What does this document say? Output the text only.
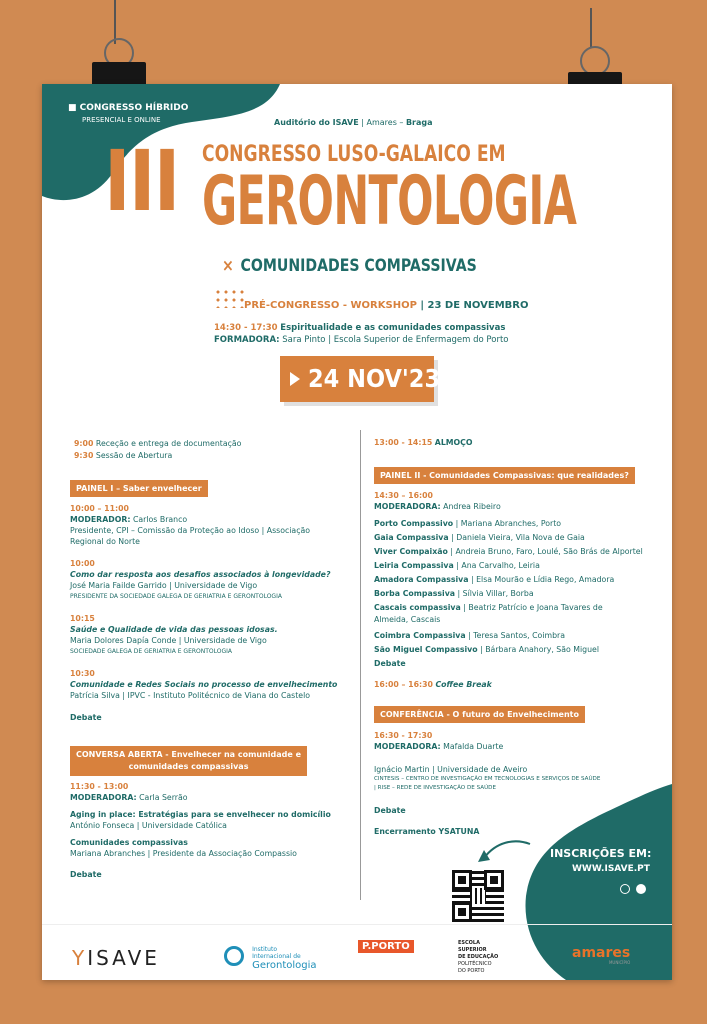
■ CONGRESSO HÍBRIDO
PRESENCIAL E ONLINE	Auditório do ISAVE | Amares – Braga
III CONGRESSO LUSO-GALAICO EM
GERONTOLOGIA
× COMUNIDADES COMPASSIVAS
PRÉ-CONGRESSO - WORKSHOP | 23 DE NOVEMBRO
14:30 - 17:30 Espiritualidade e as comunidades compassivas
FORMADORA: Sara Pinto | Escola Superior de Enfermagem do Porto
24 NOV'23
9:00 Receção e entrega de documentação
9:30 Sessão de Abertura
PAINEL I – Saber envelhecer
10:00 – 11:00
MODERADOR: Carlos Branco
Presidente, CPI – Comissão da Proteção ao Idoso | Associação
Regional do Norte
10:00
Como dar resposta aos desafios associados à longevidade?
José Maria Failde Garrido | Universidade de Vigo
PRESIDENTE DA SOCIEDADE GALEGA DE GERIATRIA E GERONTOLOGIA
10:15
Saúde e Qualidade de vida das pessoas idosas.
Maria Dolores Dapía Conde | Universidade de Vigo
SOCIEDADE GALEGA DE GERIATRIA E GERONTOLOGIA
10:30
Comunidade e Redes Sociais no processo de envelhecimento
Patrícia Silva | IPVC - Instituto Politécnico de Viana do Castelo
Debate
CONVERSA ABERTA - Envelhecer na comunidade e
comunidades compassivas
11:30 - 13:00
MODERADORA: Carla Serrão
Aging in place: Estratégias para se envelhecer no domicílio
António Fonseca | Universidade Católica
Comunidades compassivas
Mariana Abranches | Presidente da Associação Compassio
Debate
13:00 - 14:15 ALMOÇO
PAINEL II - Comunidades Compassivas: que realidades?
14:30 – 16:00
MODERADORA: Andrea Ribeiro
Porto Compassivo | Mariana Abranches, Porto
Gaia Compassiva | Daniela Vieira, Vila Nova de Gaia
Viver Compaixão | Andreia Bruno, Faro, Loulé, São Brás de Alportel
Leiria Compassiva | Ana Carvalho, Leiria
Amadora Compassiva | Elsa Mourão e Lídia Rego, Amadora
Borba Compassiva | Sílvia Villar, Borba
Cascais compassiva | Beatriz Patrício e Joana Tavares de
Almeida, Cascais
Coimbra Compassiva | Teresa Santos, Coimbra
São Miguel Compassivo | Bárbara Anahory, São Miguel
Debate
16:00 – 16:30 Coffee Break
CONFERÊNCIA - O futuro do Envelhecimento
16:30 - 17:30
MODERADORA: Mafalda Duarte
Ignácio Martin | Universidade de Aveiro
CINTESIS – CENTRO DE INVESTIGAÇÃO EM TECNOLOGIAS E SERVIÇOS DE SAÚDE
| RISE – REDE DE INVESTIGAÇÃO DE SAÚDE
Debate
Encerramento YSATUNA
INSCRIÇÕES EM:
WWW.ISAVE.PT
YISAVE	Instituto
Internacional de
Gerontologia
P.PORTO	ESCOLA
SUPERIOR
DE EDUCAÇÃO
POLITÉCNICO
DO PORTO
amares
MUNICÍPIO
